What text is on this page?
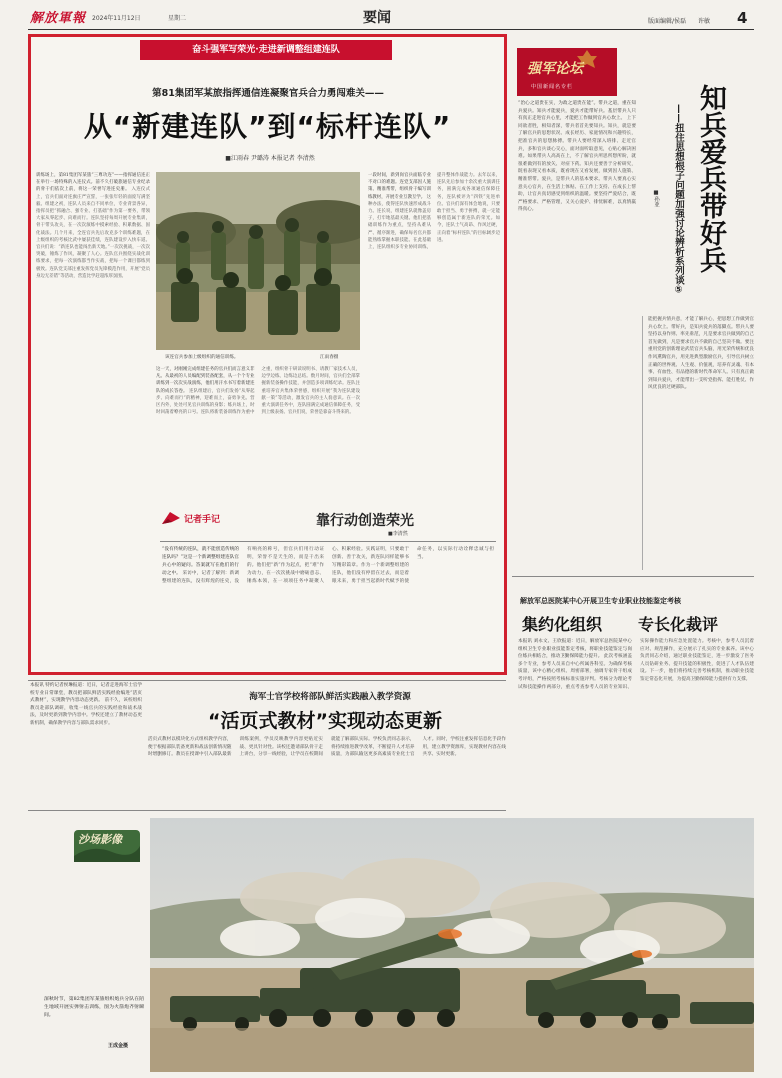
解放軍報 2024年11月12日	星期二	要闻	版面编辑/侯磊 许敏 4
奋斗强军写荣光·走进新调整组建连队
第81集团军某旅指挥通信连凝聚官兵合力勇闯难关——
从“新建连队”到“标杆连队”
■江雨春 尹璐涛 本报记者 李清然
训练场上，第81集团军某旅“三尊功连”——指挥通信连正在举行一场特殊的入连仪式。前不久打破旅通信专业纪录的骨干们依次上前，将这一荣誉写进连史册。 入连仪式上，官兵们面对连旗庄严宣誓，一张张年轻的面庞写满坚毅。组建之初，连队人员来自不同单位，专业背景各异，指挥员把“抓融合、强专业、打基础”作为第一要务，带领大家从零起步、向难而行。连队坚持每周开展专业集训，骨干带头攻关，在一次次演练中摸索经验、积累数据、固化战法。几个月来，全连官兵先后攻克多个训练难题，在上级组织的考核比武中屡获佳绩，连队建设步入快车道。官兵们说：“新连队也能闯出新天地。”一次次挑战，一次次突破，锤炼了作风，凝聚了人心。连队官兵围绕实战化训练要求，把每一次演练都当作实战，把每一个课目都练到极致。连队党支部注重发挥党员先锋模范作用，开展“党员身边无差错”等活动，营造比学赶超浓厚氛围。
该连官兵参加上级组织的通信训练。	江雨春摄
这一天，对刚刚完成组建任务的官兵们而言意义非凡。从最初的人员编配到装备配套，从一个个专业训练到一次次实战演练，他们用汗水书写着新建连队的成长答卷。 连队组建后，官兵们发扬“从零起步、向难而行”的精神，迎难而上，奋勇争先。营区内外，处处可见官兵训练的身影；练兵场上，时时回荡着嘹亮的口号。连队将新装备训练作为重中之重，组织骨干研读说明书、请教厂家技术人员，边学边练、边练边总结。数月时间，官兵们全部掌握新装备操作技能，并创造多项训练纪录。连队注重培养官兵集体荣誉感，组织开展“我为连队建设献一策”等活动，激发官兵的主人翁意识。在一次重大演训任务中，连队圆满完成通信保障任务，受到上级表扬。官兵们说，荣誉是靠奋斗得来的。
一段时间，新到岗官兵面临专业不对口的难题。连党支部因人施策、精准帮带，组织骨干编写训练教材，开展专业互教互学。 这种办法，使得连队快速形成战斗力。连长说，组建连队就像盖房子，打牢地基最关键。他们把基础训练作为重点，坚持从难从严、循序渐进，确保每名官兵都能熟练掌握本职技能。在此基础上，连队组织多专业协同训练，提升整体作战能力。去年以来，连队先后参加十余次重大演训任务，圆满完成各项通信保障任务，连队被评为“四铁”先进单位。官兵们深有体会地说，只要敢于担当、勇于拼搏，就一定能够创造属于新连队的荣光。如今，连队士气高昂、作风过硬，正向着“标杆连队”的目标阔步迈进。
记者手记	靠行动创造荣光
■李清然
“没有传统的连队，就不能创造传统的连队吗？”这是一个新调整组建连队官兵心中的疑问。答案就写在他们的行动之中。 采访中，记者了解到：新调整组建的连队，没有辉煌的连史，没有响亮的称号，但官兵们用行动证明，荣誉不是天生的，而是干出来的。他们把“新”作为起点，把“难”作为动力，在一次次挑战中磨砺意志、锤炼本领，在一项项任务中凝聚人心、积累经验。实践证明，只要敢于创新、善于攻关，新连队同样能够书写精彩篇章。作为一个新调整组建的连队，他们没有停留在过去，而是着眼未来，勇于担当起新时代赋予的使命任务，以实际行动诠释忠诚与担当。
强军论坛
中国新闻名专栏	知兵爱兵带好兵
——扭住思想根子问题加强讨论辨析系列谈⑤
■孙亚
“治心之道贵在实，为政之道贵在能”。带兵之道，重在知兵爱兵。知兵才能爱兵，爱兵才能带好兵。基层带兵人只有真正走进官兵心里，才能把工作做到官兵心坎上。 上下同欲者胜，相知者深，带兵者首先要知兵。知兵，就是要了解官兵的思想状况、成长经历、家庭情况和兴趣特长，把准官兵的思想脉搏。带兵人要经常深入班排、走近官兵，多和官兵谈心交心，面对面听取意见，心贴心解决困难。如果带兵人高高在上，不了解官兵所思所想所盼，就很难做到有的放矢、对症下药。知兵还要善于分析研究，既看表现又看本质，既看现在又看发展，做到因人施策、精准帮带。爱兵，是带兵人的基本要求。带兵人要真心实意关心官兵，在生活上体贴、在工作上支持、在成长上帮助，让官兵真切感受到组织的温暖。要坚持严爱结合，既严格要求、严格管理，又关心爱护、排忧解难，以真情赢得真心。
能把握兵情兵意，才能了解兵心，把思想工作做到官兵心坎上。带好兵，是知兵爱兵的落脚点。带兵人要坚持以身作则、率先垂范，凡是要求官兵做到的自己首先做到，凡是要求官兵不做的自己坚决不做。要注重用党的创新理论武装官兵头脑，用光荣传统和优良作风熏陶官兵，用先进典型激励官兵，引导官兵树立正确的世界观、人生观、价值观，培养有灵魂、有本事、有血性、有品德的新时代革命军人。只有真正做到知兵爱兵，才能带出一支听党指挥、能打胜仗、作风优良的过硬部队。
解放军总医院某中心开展卫生专业职业技能鉴定考核
集约化组织 专长化裁评
本报讯 刘永文、王欣报道：近日，解放军总医院某中心组织卫生专业职业技能鉴定考核，将职业技能鉴定与岗位练兵相结合，推动卫勤保障能力提升。 此次考核涵盖多个专业，参考人员来自中心所属各科室。为确保考核质量，该中心精心组织、周密部署，抽调专家骨干组成考评组，严格按照考核标准实施评判。考核分为理论考试和技能操作两部分，重点考查参考人员的专业知识、实际操作能力和应急处置能力。考核中，参考人员沉着应对、规范操作，充分展示了扎实的专业素养。该中心负责同志介绍，通过职业技能鉴定，进一步激发了医务人员钻研业务、提升技能的积极性，促进了人才队伍建设。下一步，他们将持续完善考核机制，推动职业技能鉴定常态化开展，为提高卫勤保障能力提供有力支撑。
本报讯 特约记者侯琳报道：近日，记者走进海军士官学校专业日常课堂，教员把部队鲜活实践经验编进“活页式教材”，实现教学内容动态更新。 前不久，该校组织教员赴部队调研，收集一线官兵的实践经验和战术战法，及时更新到教学内容中。学校还建立了教材动态更新机制，确保教学内容与部队需求同步。
海军士官学校将部队鲜活实践融入教学资源
“活页式教材”实现动态更新
活页式教材以模块化方式组织教学内容，便于根据部队装备更新和战法创新情况随时增删修订。教员在授课中引入部队最新训练案例，学员反映教学内容更贴近实战、更具针对性。该校还邀请部队骨干走上讲台，分享一线经验，让学员在校期间就能了解部队实际。学校负责同志表示，将持续推进教学改革，不断提升人才培养质量，为部队输送更多高素质专业化士官人才。同时，学校注重发挥信息化手段作用，建立教学资源库，实现教材内容在线共享、实时更新。
沙场影像
深秋时节，第82集团军某旅组织炮兵分队在陌生地域开展实弹射击训练，图为火箭炮齐射瞬间。
王成金摄
